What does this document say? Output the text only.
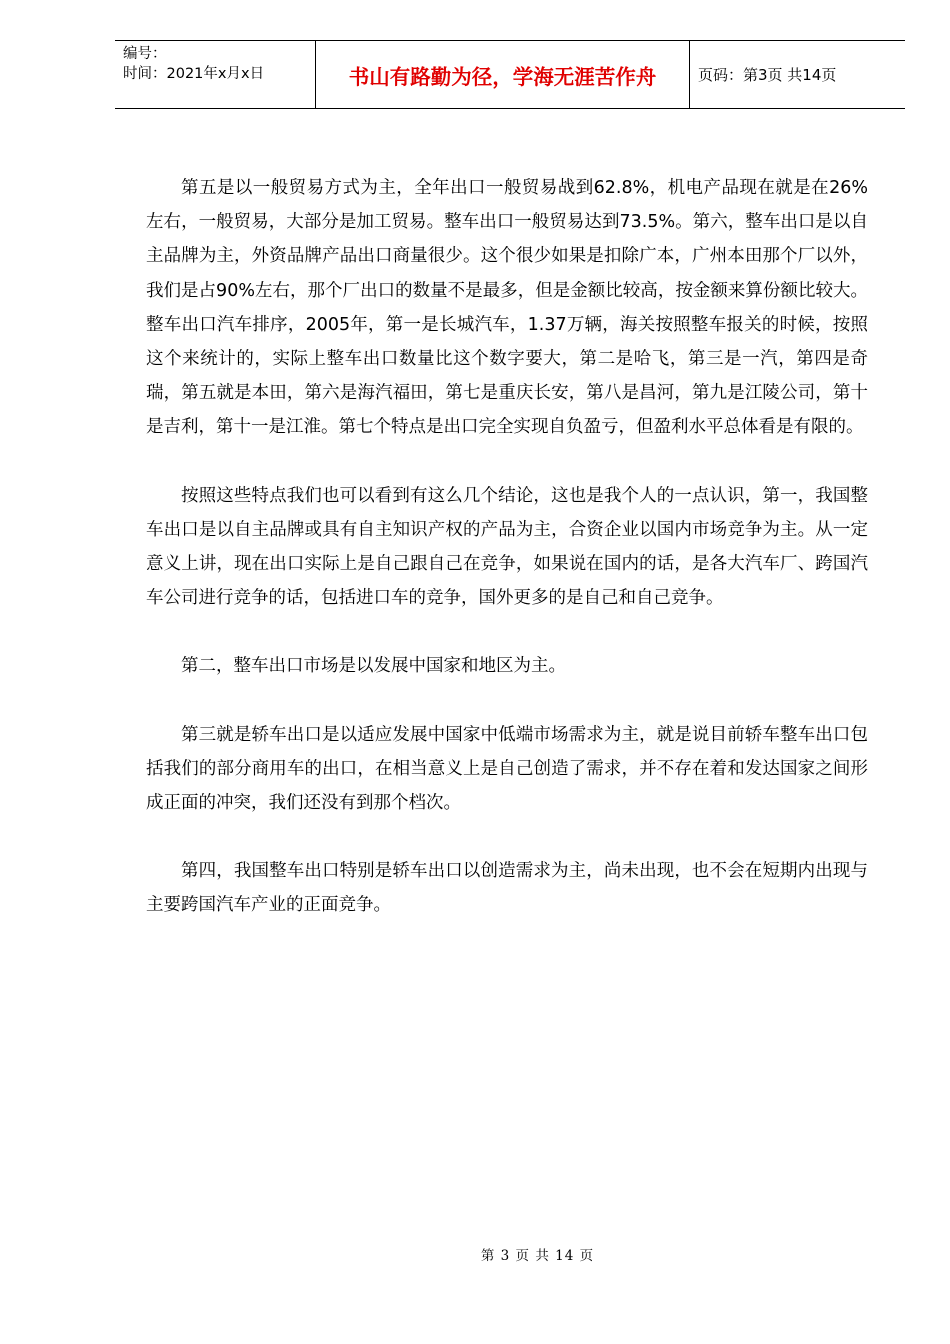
编号：
时间：2021年x月x日	书山有路勤为径，学海无涯苦作舟	页码：第3页 共14页

第五是以一般贸易方式为主，全年出口一般贸易战到62.8%，机电产品现在就是在26%左右，一般贸易，大部分是加工贸易。整车出口一般贸易达到73.5%。第六，整车出口是以自主品牌为主，外资品牌产品出口商量很少。这个很少如果是扣除广本，广州本田那个厂以外，我们是占90%左右，那个厂出口的数量不是最多，但是金额比较高，按金额来算份额比较大。整车出口汽车排序，2005年，第一是长城汽车，1.37万辆，海关按照整车报关的时候，按照这个来统计的，实际上整车出口数量比这个数字要大，第二是哈飞，第三是一汽，第四是奇瑞，第五就是本田，第六是海汽福田，第七是重庆长安，第八是昌河，第九是江陵公司，第十是吉利，第十一是江淮。第七个特点是出口完全实现自负盈亏，但盈利水平总体看是有限的。

按照这些特点我们也可以看到有这么几个结论，这也是我个人的一点认识，第一，我国整车出口是以自主品牌或具有自主知识产权的产品为主，合资企业以国内市场竞争为主。从一定意义上讲，现在出口实际上是自己跟自己在竞争，如果说在国内的话，是各大汽车厂、跨国汽车公司进行竞争的话，包括进口车的竞争，国外更多的是自己和自己竞争。

第二，整车出口市场是以发展中国家和地区为主。

第三就是轿车出口是以适应发展中国家中低端市场需求为主，就是说目前轿车整车出口包括我们的部分商用车的出口，在相当意义上是自己创造了需求，并不存在着和发达国家之间形成正面的冲突，我们还没有到那个档次。

第四，我国整车出口特别是轿车出口以创造需求为主，尚未出现，也不会在短期内出现与主要跨国汽车产业的正面竞争。

第 3 页 共 14 页
